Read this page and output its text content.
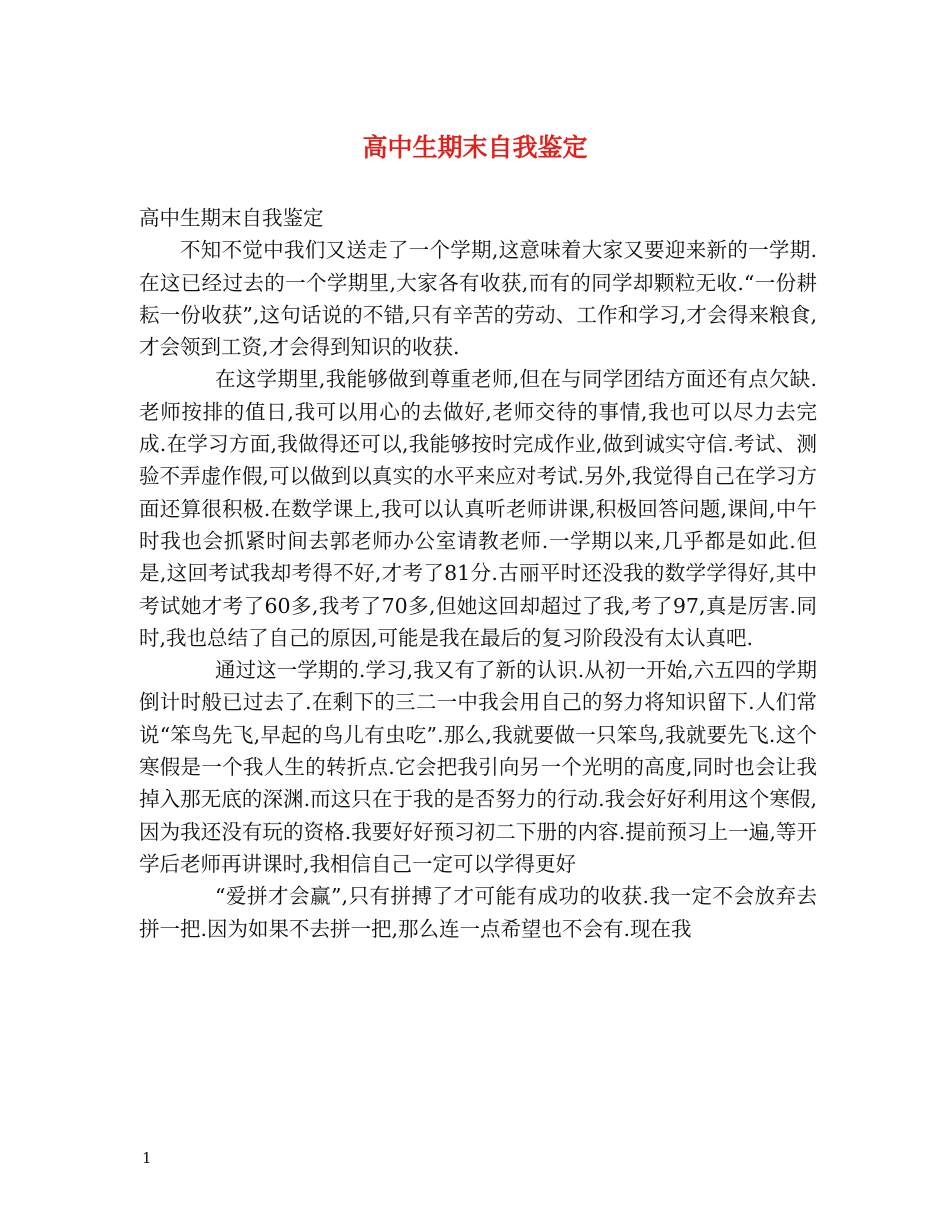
高中生期末自我鉴定

高中生期末自我鉴定

不知不觉中我们又送走了一个学期,这意味着大家又要迎来新的一学期.在这已经过去的一个学期里,大家各有收获,而有的同学却颗粒无收.“一份耕耘一份收获”,这句话说的不错,只有辛苦的劳动、工作和学习,才会得来粮食,才会领到工资,才会得到知识的收获.

在这学期里,我能够做到尊重老师,但在与同学团结方面还有点欠缺.老师按排的值日,我可以用心的去做好,老师交待的事情,我也可以尽力去完成.在学习方面,我做得还可以,我能够按时完成作业,做到诚实守信.考试、测验不弄虚作假,可以做到以真实的水平来应对考试.另外,我觉得自己在学习方面还算很积极.在数学课上,我可以认真听老师讲课,积极回答问题,课间,中午时我也会抓紧时间去郭老师办公室请教老师.一学期以来,几乎都是如此.但是,这回考试我却考得不好,才考了81分.古丽平时还没我的数学学得好,其中考试她才考了60多,我考了70多,但她这回却超过了我,考了97,真是厉害.同时,我也总结了自己的原因,可能是我在最后的复习阶段没有太认真吧.

通过这一学期的.学习,我又有了新的认识.从初一开始,六五四的学期倒计时般已过去了.在剩下的三二一中我会用自己的努力将知识留下.人们常说“笨鸟先飞,早起的鸟儿有虫吃”.那么,我就要做一只笨鸟,我就要先飞.这个寒假是一个我人生的转折点.它会把我引向另一个光明的高度,同时也会让我掉入那无底的深渊.而这只在于我的是否努力的行动.我会好好利用这个寒假,因为我还没有玩的资格.我要好好预习初二下册的内容.提前预习上一遍,等开学后老师再讲课时,我相信自己一定可以学得更好

“爱拼才会赢”,只有拼搏了才可能有成功的收获.我一定不会放弃去拼一把.因为如果不去拼一把,那么连一点希望也不会有.现在我

1
